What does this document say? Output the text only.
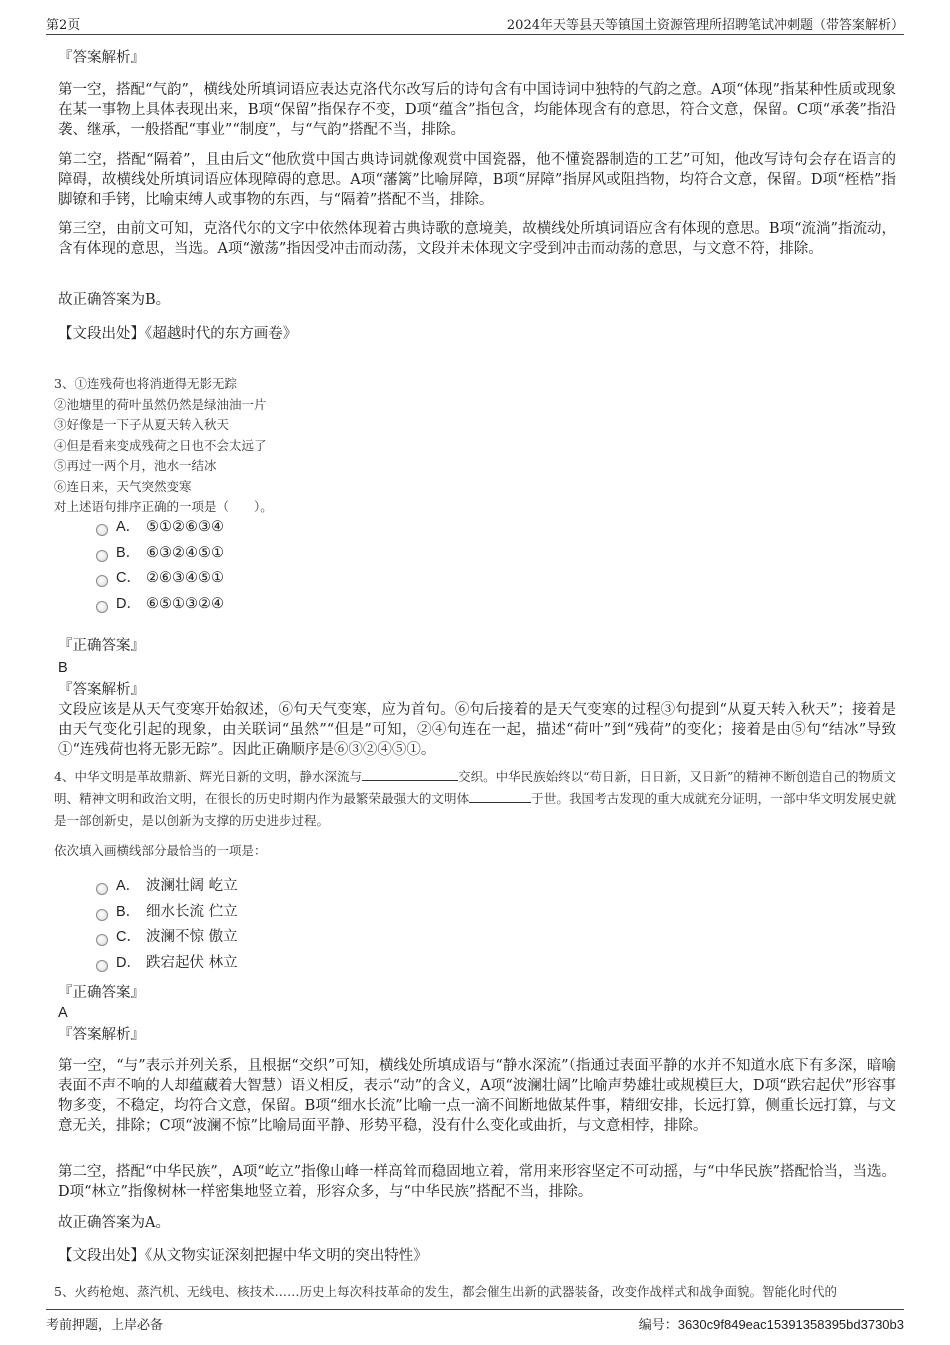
第2页	2024年天等县天等镇国土资源管理所招聘笔试冲刺题（带答案解析）

『答案解析』

第一空，搭配“气韵”，横线处所填词语应表达克洛代尔改写后的诗句含有中国诗词中独特的气韵之意。A项“体现”指某种性质或现象在某一事物上具体表现出来，B项“保留”指保存不变，D项“蕴含”指包含，均能体现含有的意思，符合文意，保留。C项“承袭”指沿袭、继承，一般搭配“事业”“制度”，与“气韵”搭配不当，排除。

第二空，搭配“隔着”，且由后文“他欣赏中国古典诗词就像观赏中国瓷器，他不懂瓷器制造的工艺”可知，他改写诗句会存在语言的障碍，故横线处所填词语应体现障碍的意思。A项“藩篱”比喻屏障，B项“屏障”指屏风或阻挡物，均符合文意，保留。D项“桎梏”指脚镣和手铐，比喻束缚人或事物的东西，与“隔着”搭配不当，排除。

第三空，由前文可知，克洛代尔的文字中依然体现着古典诗歌的意境美，故横线处所填词语应含有体现的意思。B项“流淌”指流动，含有体现的意思，当选。A项“激荡”指因受冲击而动荡，文段并未体现文字受到冲击而动荡的意思，与文意不符，排除。

故正确答案为B。

【文段出处】《超越时代的东方画卷》

3、①连残荷也将消逝得无影无踪

②池塘里的荷叶虽然仍然是绿油油一片

③好像是一下子从夏天转入秋天

④但是看来变成残荷之日也不会太远了

⑤再过一两个月，池水一结冰

⑥连日来，天气突然变寒

对上述语句排序正确的一项是（　　）。

A． ⑤①②⑥③④
B． ⑥③②④⑤①
C． ②⑥③④⑤①
D． ⑥⑤①③②④

『正确答案』

B

『答案解析』

文段应该是从天气变寒开始叙述，⑥句天气变寒，应为首句。⑥句后接着的是天气变寒的过程③句提到“从夏天转入秋天”；接着是由天气变化引起的现象，由关联词“虽然”“但是”可知，②④句连在一起，描述“荷叶”到“残荷”的变化；接着是由⑤句“结冰”导致①“连残荷也将无影无踪”。因此正确顺序是⑥③②④⑤①。

4、中华文明是革故鼎新、辉光日新的文明，静水深流与	交织。中华民族始终以“苟日新，日日新，又日新”的精神不断创造自己的物质文明、精神文明和政治文明，在很长的历史时期内作为最繁荣最强大的文明体	于世。我国考古发现的重大成就充分证明，一部中华文明发展史就是一部创新史，是以创新为支撑的历史进步过程。

依次填入画横线部分最恰当的一项是：

A． 波澜壮阔 屹立
B． 细水长流 伫立
C． 波澜不惊 傲立
D． 跌宕起伏 林立

『正确答案』

A

『答案解析』

第一空，“与”表示并列关系，且根据“交织”可知，横线处所填成语与“静水深流”（指通过表面平静的水并不知道水底下有多深，暗喻表面不声不响的人却蕴藏着大智慧）语义相反，表示“动”的含义，A项“波澜壮阔”比喻声势雄壮或规模巨大，D项“跌宕起伏”形容事物多变，不稳定，均符合文意，保留。B项“细水长流”比喻一点一滴不间断地做某件事，精细安排，长远打算，侧重长远打算，与文意无关，排除；C项“波澜不惊”比喻局面平静、形势平稳，没有什么变化或曲折，与文意相悖，排除。

第二空，搭配“中华民族”，A项“屹立”指像山峰一样高耸而稳固地立着，常用来形容坚定不可动摇，与“中华民族”搭配恰当，当选。D项“林立”指像树林一样密集地竖立着，形容众多，与“中华民族”搭配不当，排除。

故正确答案为A。

【文段出处】《从文物实证深刻把握中华文明的突出特性》

5、火药枪炮、蒸汽机、无线电、核技术……历史上每次科技革命的发生，都会催生出新的武器装备，改变作战样式和战争面貌。智能化时代的

考前押题，上岸必备	编号：3630c9f849eac15391358395bd3730b3
